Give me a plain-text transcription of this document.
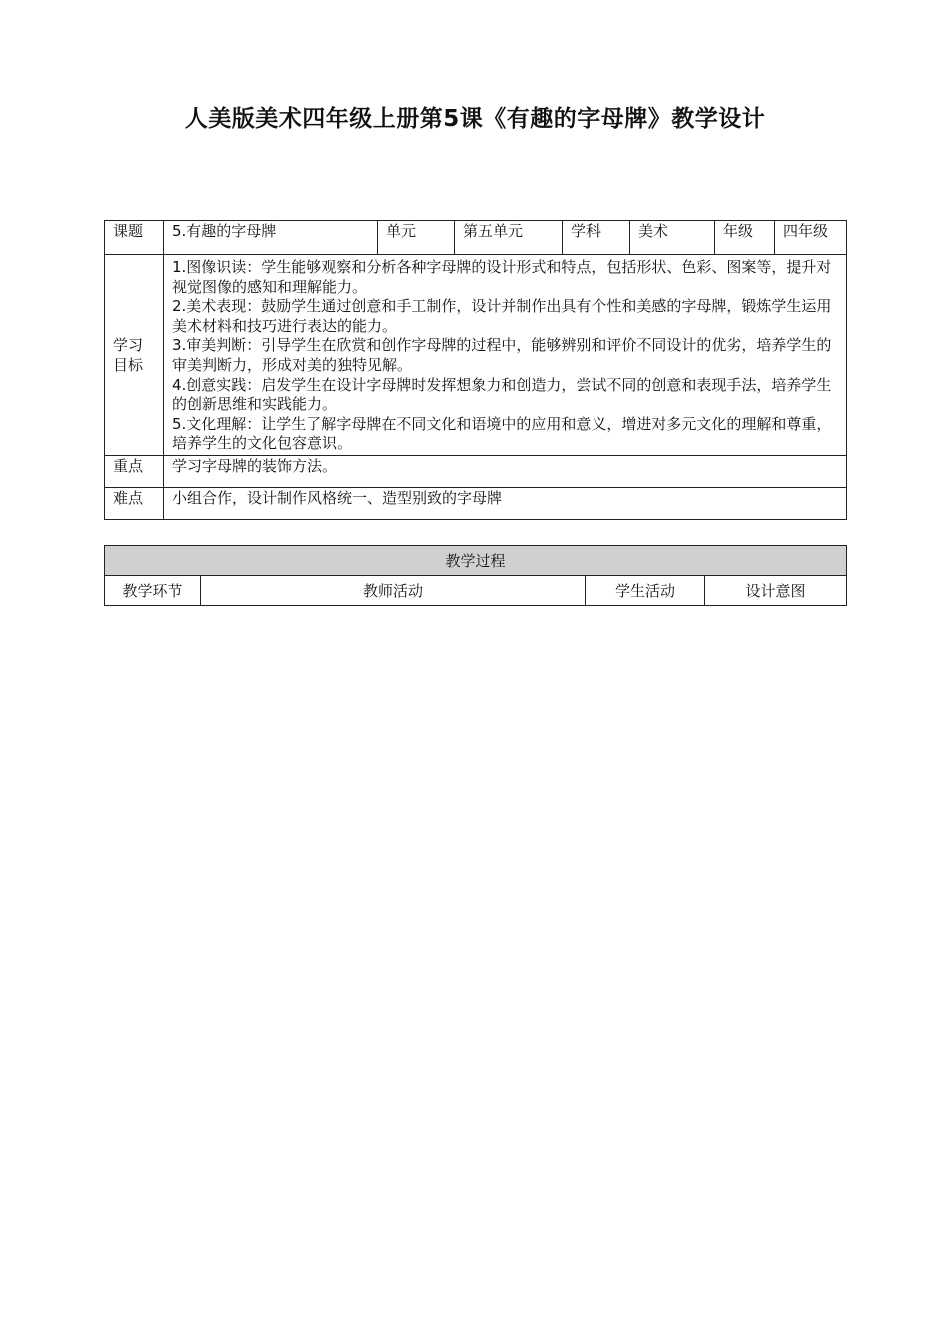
人美版美术四年级上册第5课《有趣的字母牌》教学设计
课题	5.有趣的字母牌	单元	第五单元	学科	美术	年级	四年级

学习
目标	1.图像识读：学生能够观察和分析各种字母牌的设计形式和特点，包括形状、色彩、图案等，提升对视觉图像的感知和理解能力。
2.美术表现：鼓励学生通过创意和手工制作，设计并制作出具有个性和美感的字母牌，锻炼学生运用美术材料和技巧进行表达的能力。
3.审美判断：引导学生在欣赏和创作字母牌的过程中，能够辨别和评价不同设计的优劣，培养学生的审美判断力，形成对美的独特见解。
4.创意实践：启发学生在设计字母牌时发挥想象力和创造力，尝试不同的创意和表现手法，培养学生的创新思维和实践能力。
5.文化理解：让学生了解字母牌在不同文化和语境中的应用和意义，增进对多元文化的理解和尊重，培养学生的文化包容意识。						

重点	学习字母牌的装饰方法。						
难点	小组合作，设计制作风格统一、造型别致的字母牌						
教学过程
教学环节	教师活动	学生活动	设计意图
